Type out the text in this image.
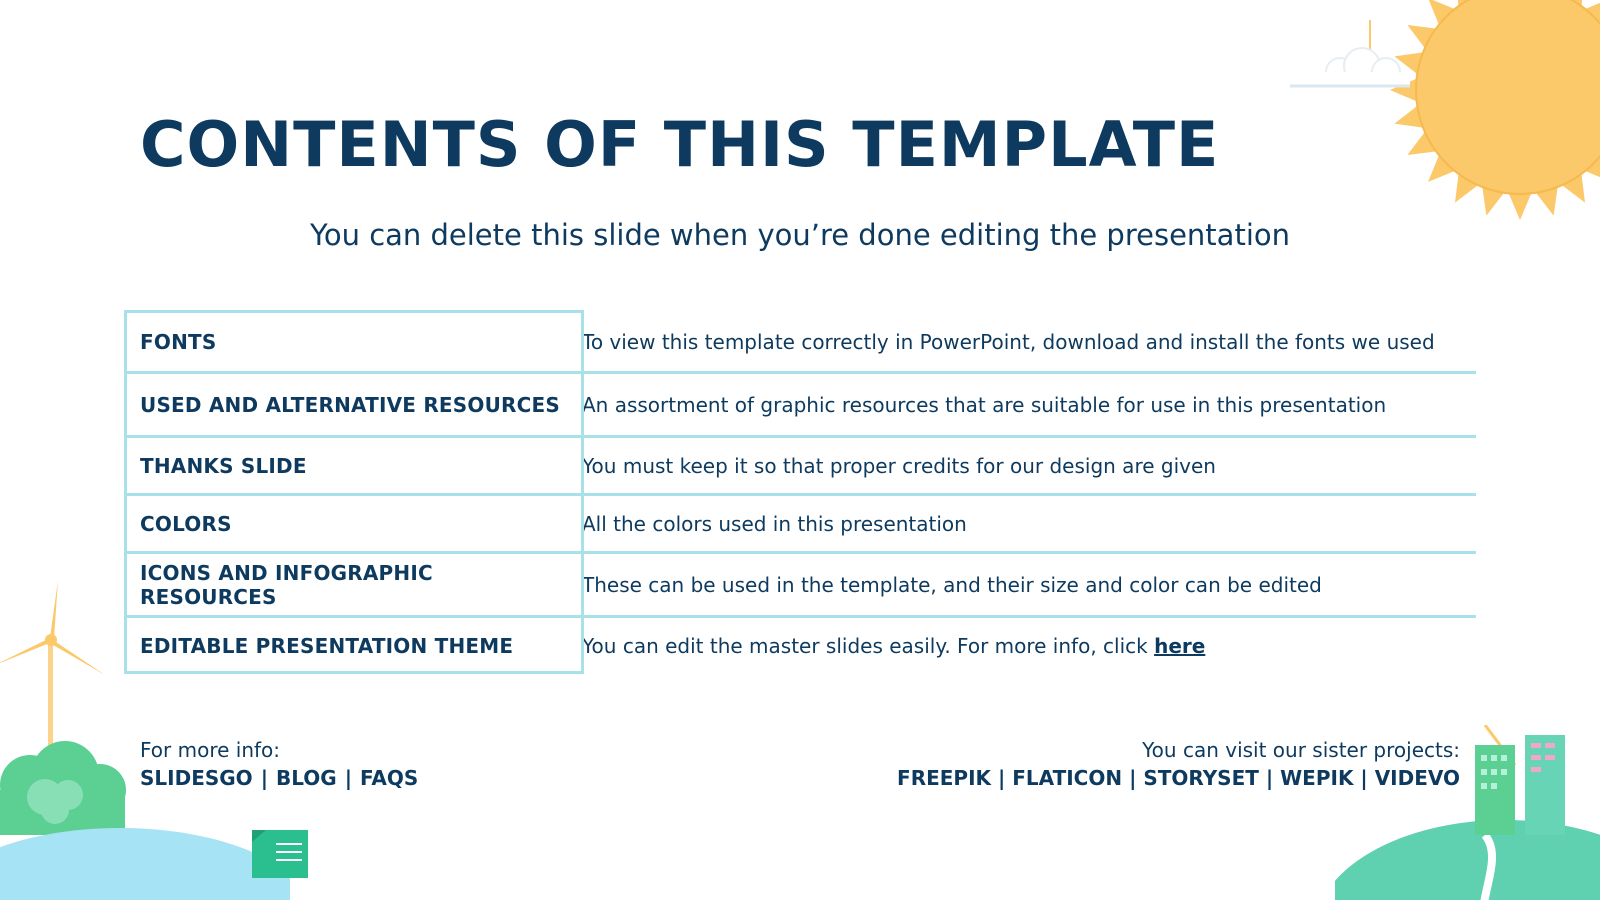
CONTENTS OF THIS TEMPLATE
You can delete this slide when you’re done editing the presentation
FONTS	To view this template correctly in PowerPoint, download and install the fonts we used
USED AND ALTERNATIVE RESOURCES	An assortment of graphic resources that are suitable for use in this presentation
THANKS SLIDE	You must keep it so that proper credits for our design are given
COLORS	All the colors used in this presentation
ICONS AND INFOGRAPHIC RESOURCES	These can be used in the template, and their size and color can be edited
EDITABLE PRESENTATION THEME	You can edit the master slides easily. For more info, click here
For more info:
SLIDESGO | BLOG | FAQS
You can visit our sister projects:
FREEPIK | FLATICON | STORYSET | WEPIK | VIDEVO
